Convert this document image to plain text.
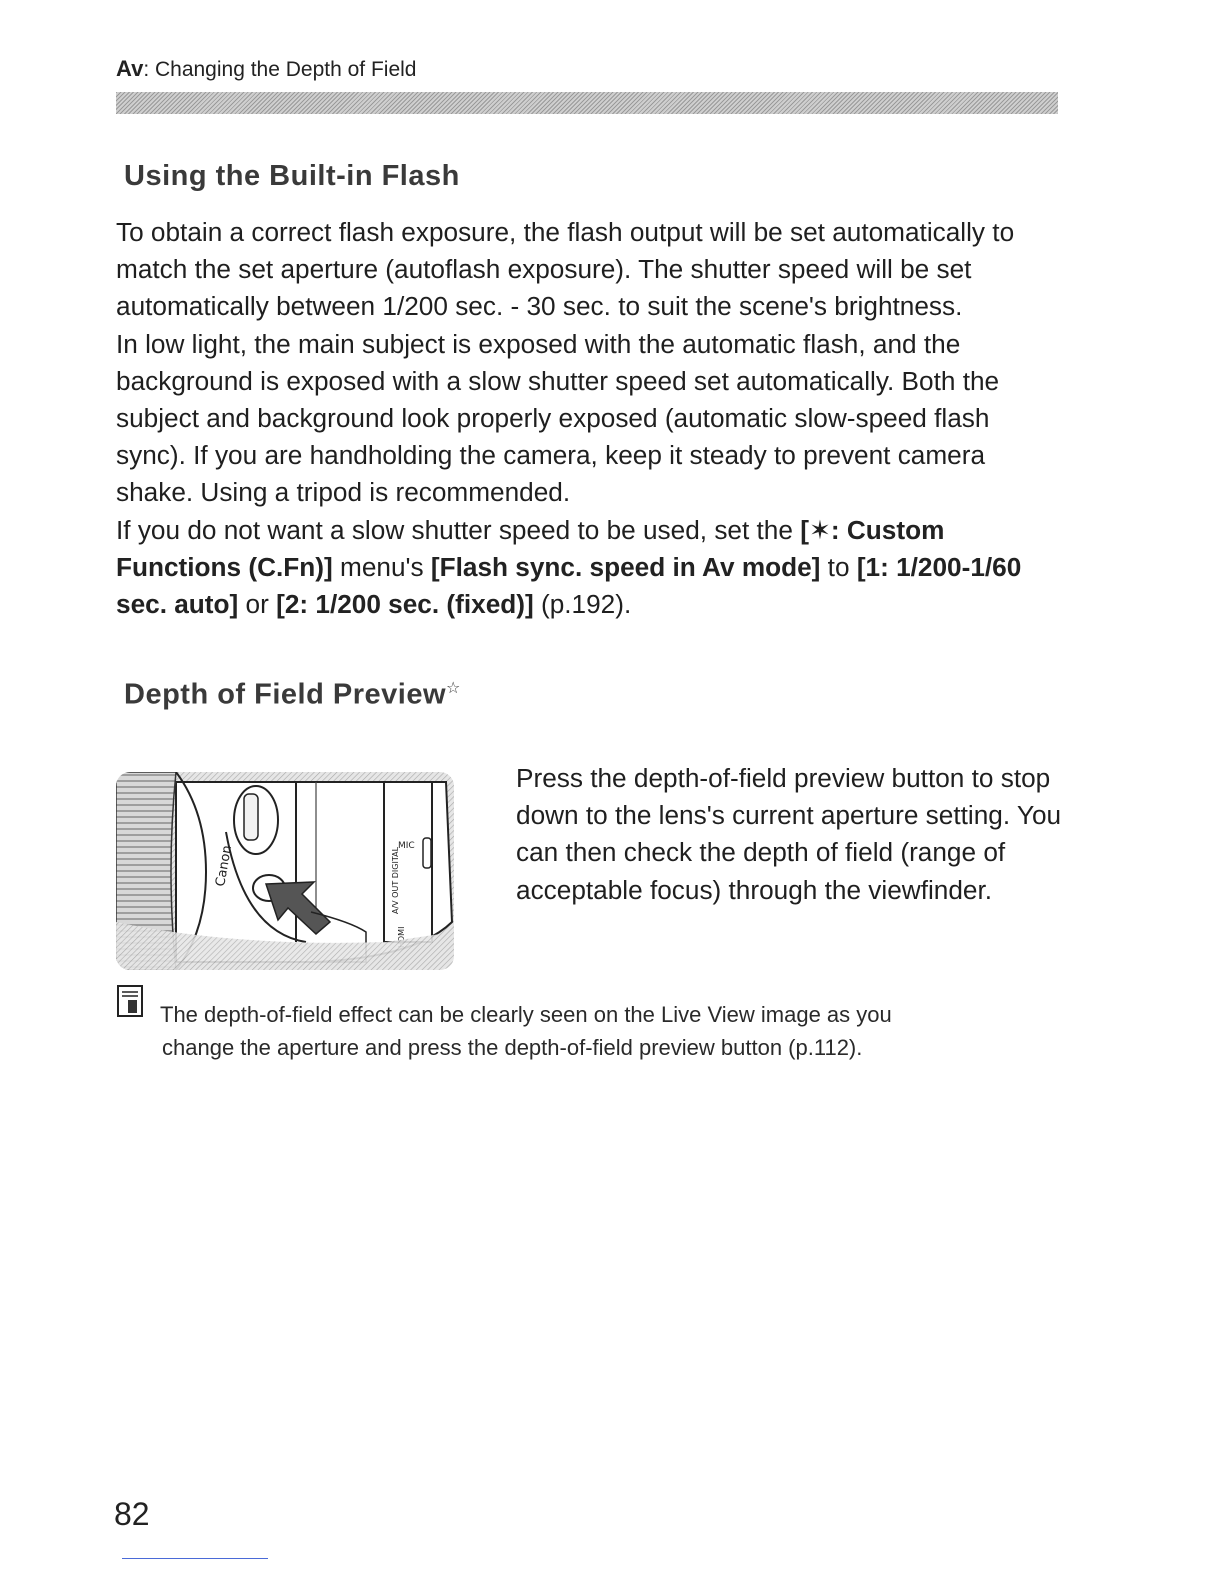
Av: Changing the Depth of Field
Using the Built-in Flash

To obtain a correct flash exposure, the flash output will be set automatically to match the set aperture (autoflash exposure). The shutter speed will be set automatically between 1/200 sec. - 30 sec. to suit the scene's brightness.

In low light, the main subject is exposed with the automatic flash, and the background is exposed with a slow shutter speed set automatically. Both the subject and background look properly exposed (automatic slow-speed flash sync). If you are handholding the camera, keep it steady to prevent camera shake. Using a tripod is recommended.

If you do not want a slow shutter speed to be used, set the [✶: Custom Functions (C.Fn)] menu's [Flash sync. speed in Av mode] to [1: 1/200-1/60 sec. auto] or [2: 1/200 sec. (fixed)] (p.192).

Depth of Field Preview☆
Canon	MIC
A/V OUT DIGITAL
HDMI
Press the depth-of-field preview button to stop down to the lens's current aperture setting. You can then check the depth of field (range of acceptable focus) through the viewfinder.
The depth-of-field effect can be clearly seen on the Live View image as you
change the aperture and press the depth-of-field preview button (p.112).
82
